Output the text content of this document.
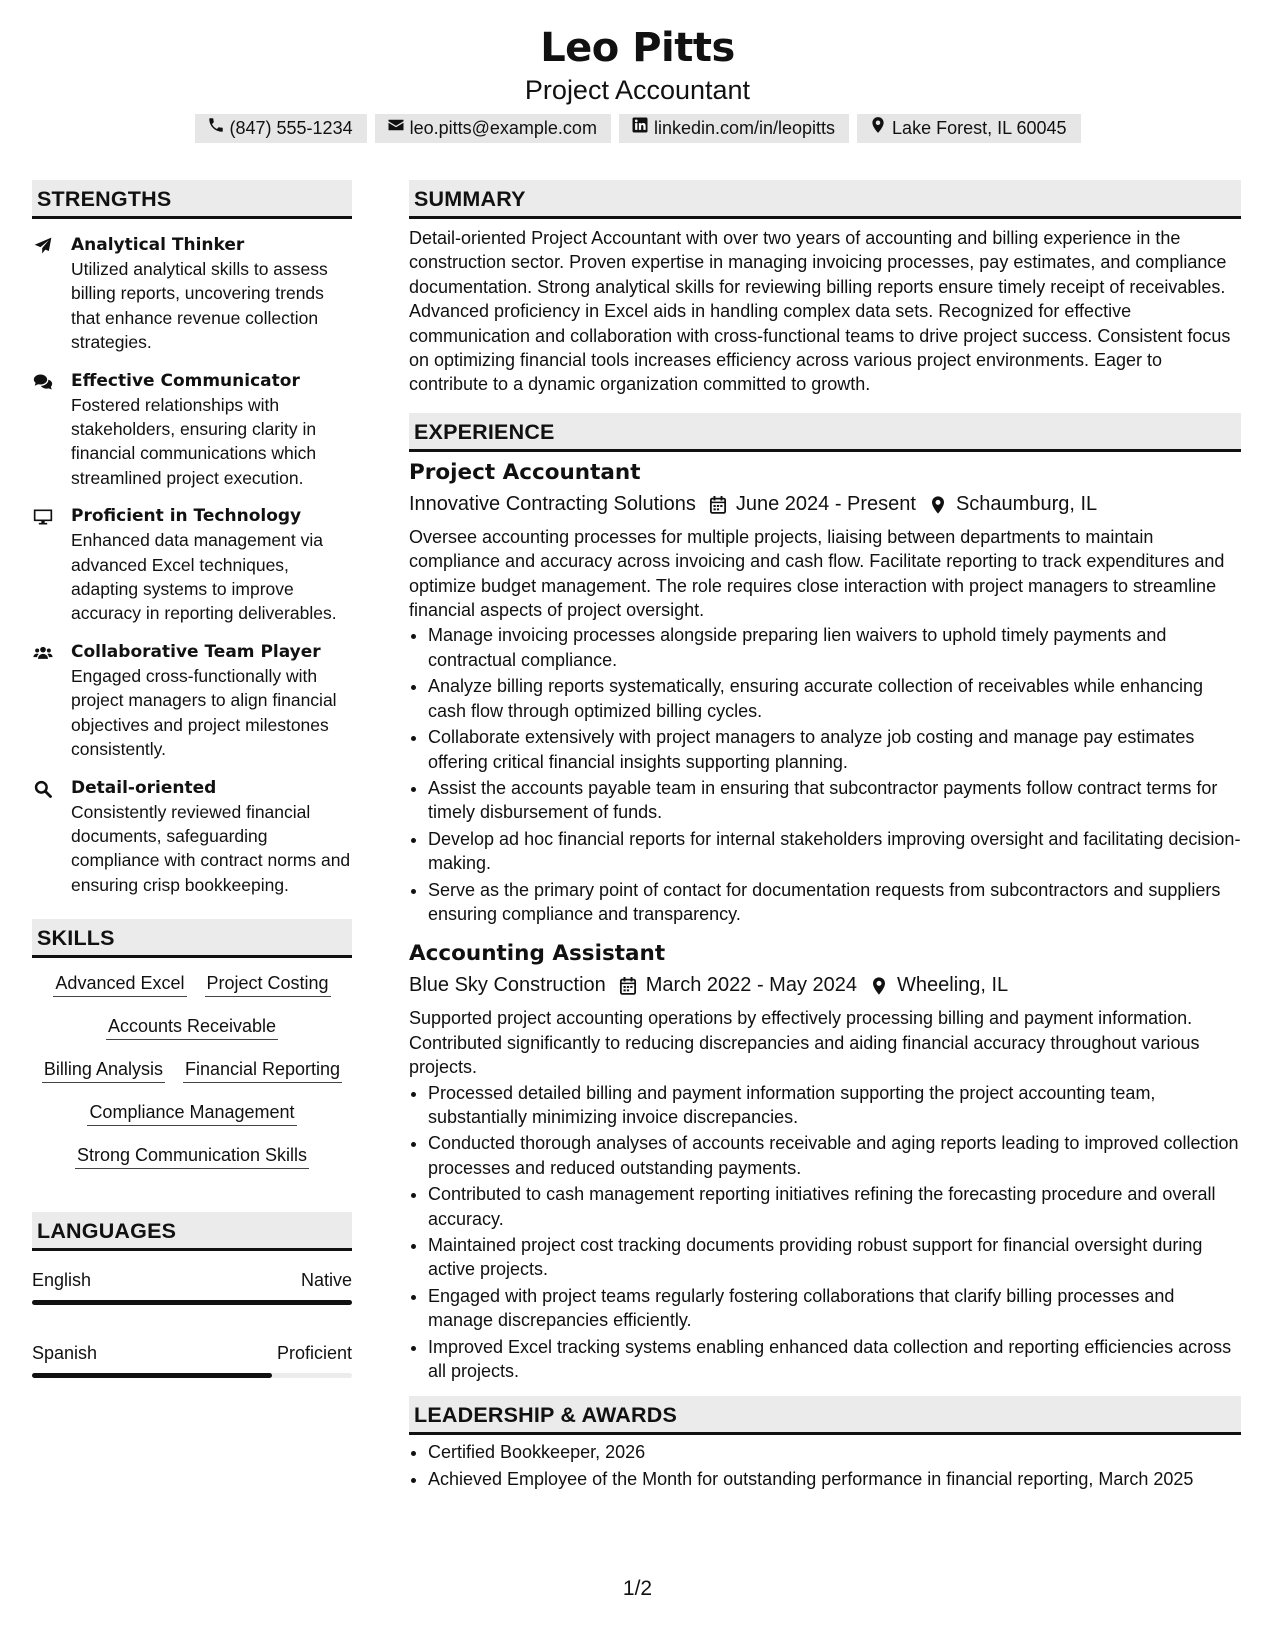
Leo Pitts
Project Accountant
(847) 555-1234	leo.pitts@example.com	linkedin.com/in/leopitts	Lake Forest, IL 60045
STRENGTHS
Analytical Thinker
Utilized analytical skills to assess billing reports, uncovering trends that enhance revenue collection strategies.
Effective Communicator
Fostered relationships with stakeholders, ensuring clarity in financial communications which streamlined project execution.
Proficient in Technology
Enhanced data management via advanced Excel techniques, adapting systems to improve accuracy in reporting deliverables.
Collaborative Team Player
Engaged cross-functionally with project managers to align financial objectives and project milestones consistently.
Detail-oriented
Consistently reviewed financial documents, safeguarding compliance with contract norms and ensuring crisp bookkeeping.
SKILLS
Advanced Excel Project Costing
Accounts Receivable
Billing Analysis Financial Reporting
Compliance Management
Strong Communication Skills
LANGUAGES
English	Native
Spanish	Proficient
SUMMARY
Detail-oriented Project Accountant with over two years of accounting and billing experience in the construction sector. Proven expertise in managing invoicing processes, pay estimates, and compliance documentation. Strong analytical skills for reviewing billing reports ensure timely receipt of receivables. Advanced proficiency in Excel aids in handling complex data sets. Recognized for effective communication and collaboration with cross-functional teams to drive project success. Consistent focus on optimizing financial tools increases efficiency across various project environments. Eager to contribute to a dynamic organization committed to growth.
EXPERIENCE
Project Accountant
Innovative Contracting Solutions June 2024 - Present Schaumburg, IL
Oversee accounting processes for multiple projects, liaising between departments to maintain compliance and accuracy across invoicing and cash flow. Facilitate reporting to track expenditures and optimize budget management. The role requires close interaction with project managers to streamline financial aspects of project oversight.
• Manage invoicing processes alongside preparing lien waivers to uphold timely payments and contractual compliance.
• Analyze billing reports systematically, ensuring accurate collection of receivables while enhancing cash flow through optimized billing cycles.
• Collaborate extensively with project managers to analyze job costing and manage pay estimates offering critical financial insights supporting planning.
• Assist the accounts payable team in ensuring that subcontractor payments follow contract terms for timely disbursement of funds.
• Develop ad hoc financial reports for internal stakeholders improving oversight and facilitating decision-making.
• Serve as the primary point of contact for documentation requests from subcontractors and suppliers ensuring compliance and transparency.
Accounting Assistant
Blue Sky Construction March 2022 - May 2024 Wheeling, IL
Supported project accounting operations by effectively processing billing and payment information. Contributed significantly to reducing discrepancies and aiding financial accuracy throughout various projects.
• Processed detailed billing and payment information supporting the project accounting team, substantially minimizing invoice discrepancies.
• Conducted thorough analyses of accounts receivable and aging reports leading to improved collection processes and reduced outstanding payments.
• Contributed to cash management reporting initiatives refining the forecasting procedure and overall accuracy.
• Maintained project cost tracking documents providing robust support for financial oversight during active projects.
• Engaged with project teams regularly fostering collaborations that clarify billing processes and manage discrepancies efficiently.
• Improved Excel tracking systems enabling enhanced data collection and reporting efficiencies across all projects.
LEADERSHIP & AWARDS
• Certified Bookkeeper, 2026
• Achieved Employee of the Month for outstanding performance in financial reporting, March 2025
1/2
